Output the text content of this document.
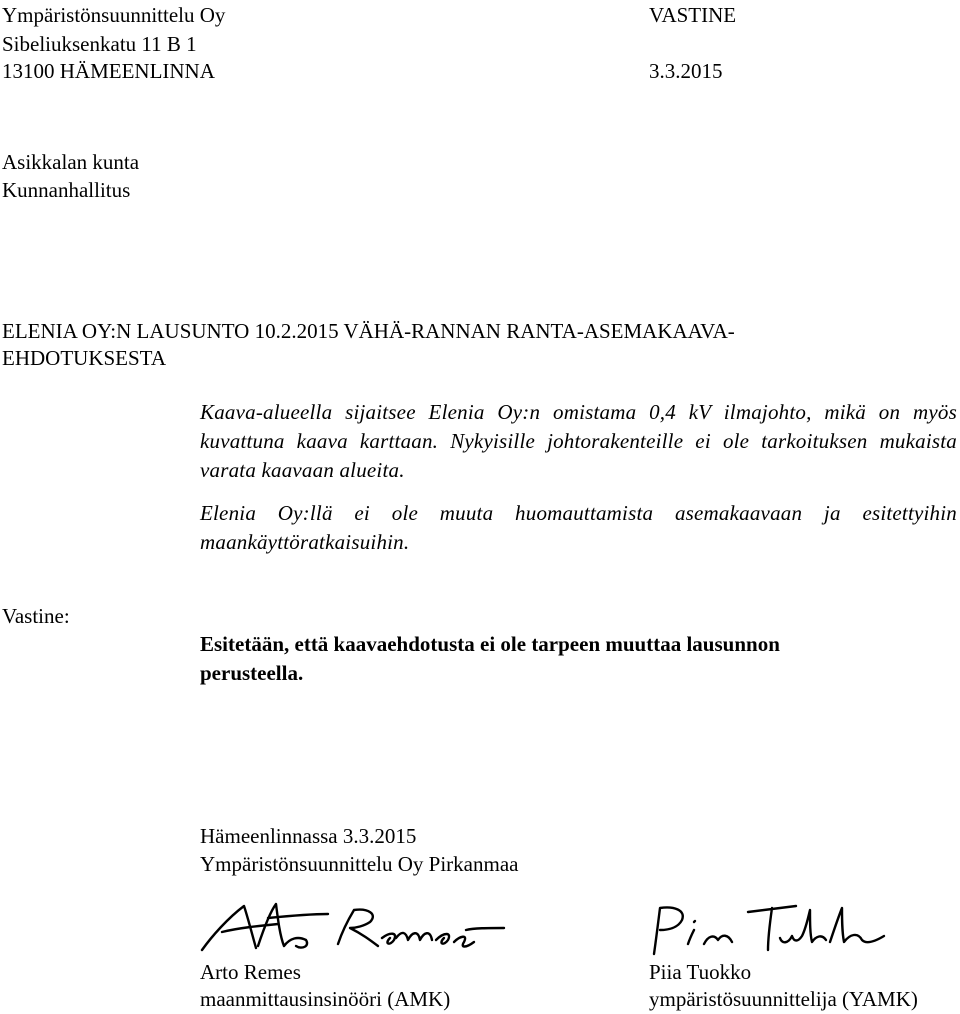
Ympäristönsuunnittelu Oy
Sibeliuksenkatu 11 B 1
13100 HÄMEENLINNA
VASTINE
3.3.2015
Asikkalan kunta
Kunnanhallitus
ELENIA OY:N LAUSUNTO 10.2.2015 VÄHÄ-RANNAN RANTA-ASEMAKAAVA-
EHDOTUKSESTA
Kaava-alueella sijaitsee Elenia Oy:n omistama 0,4 kV ilmajohto, mikä on myös kuvattuna kaava karttaan. Nykyisille johtorakenteille ei ole tarkoituksen mukaista varata kaavaan alueita.
Elenia Oy:llä ei ole muuta huomauttamista asemakaavaan ja esitettyihin maankäyttöratkaisuihin.
Vastine:
Esitetään, että kaavaehdotusta ei ole tarpeen muuttaa lausunnon perusteella.
Hämeenlinnassa 3.3.2015
Ympäristönsuunnittelu Oy Pirkanmaa
Arto Remes
maanmittausinsinööri (AMK)
Piia Tuokko
ympäristösuunnittelija (YAMK)
